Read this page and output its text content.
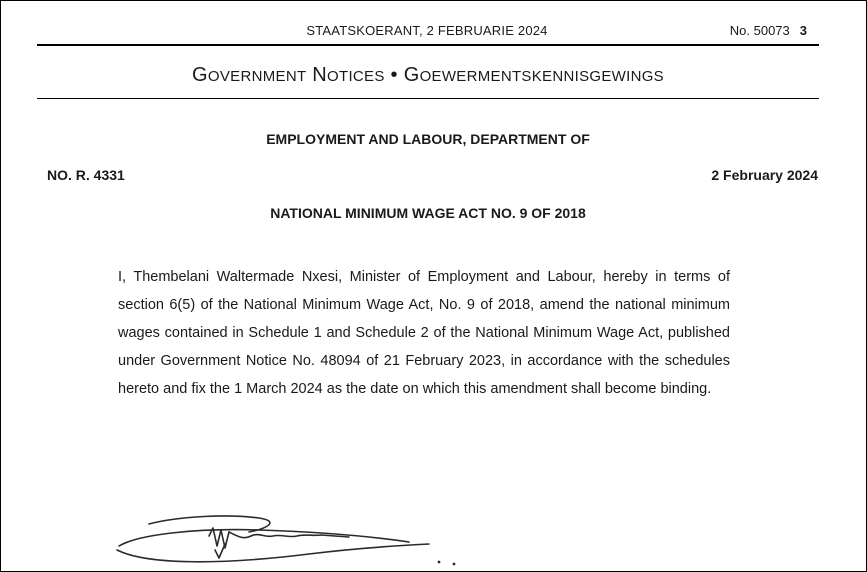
STAATSKOERANT, 2 FEBRUARIE 2024	No. 50073 3
GOVERNMENT NOTICES • GOEWERMENTSKENNISGEWINGS
EMPLOYMENT AND LABOUR, DEPARTMENT OF
NO. R. 4331	2 February 2024
NATIONAL MINIMUM WAGE ACT NO. 9 OF 2018
I, Thembelani Waltermade Nxesi, Minister of Employment and Labour, hereby in terms of section 6(5) of the National Minimum Wage Act, No. 9 of 2018, amend the national minimum wages contained in Schedule 1 and Schedule 2 of the National Minimum Wage Act, published under Government Notice No. 48094 of 21 February 2023, in accordance with the schedules hereto and fix the 1 March 2024 as the date on which this amendment shall become binding.
